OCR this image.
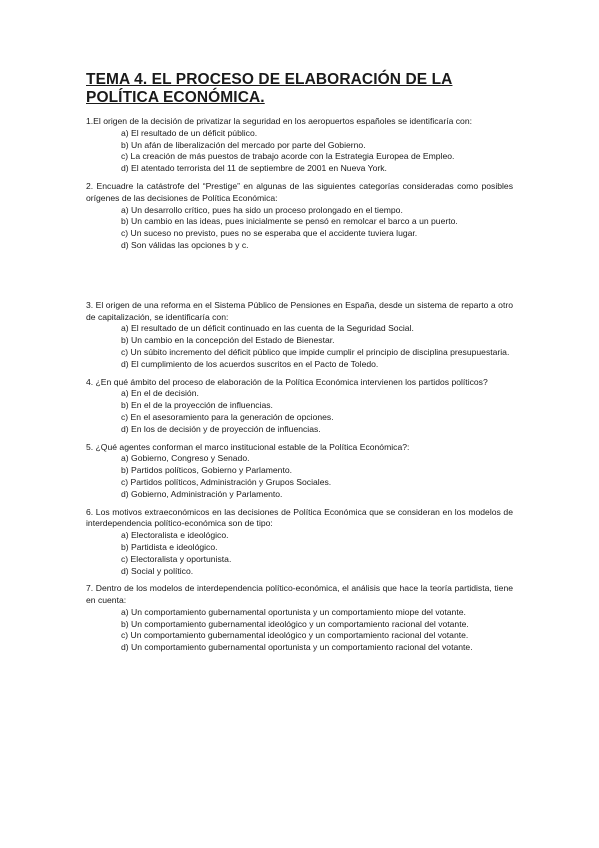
TEMA 4. EL PROCESO DE ELABORACIÓN DE LA POLÍTICA ECONÓMICA.

1.El origen de la decisión de privatizar la seguridad en los aeropuertos españoles se identificaría con:

a) El resultado de un déficit público.

b) Un afán de liberalización del mercado por parte del Gobierno.

c) La creación de más puestos de trabajo acorde con la Estrategia Europea de Empleo.

d) El atentado terrorista del 11 de septiembre de 2001 en Nueva York.

2. Encuadre la catástrofe del “Prestige” en algunas de las siguientes categorías consideradas como posibles orígenes de las decisiones de Política Económica:

a) Un desarrollo crítico, pues ha sido un proceso prolongado en el tiempo.

b) Un cambio en las ideas, pues inicialmente se pensó en remolcar el barco a un puerto.

c) Un suceso no previsto, pues no se esperaba que el accidente tuviera lugar.

d) Son válidas las opciones b y c.

3. El origen de una reforma en el Sistema Público de Pensiones en España, desde un sistema de reparto a otro de capitalización, se identificaría con:

a) El resultado de un déficit continuado en las cuenta de la Seguridad Social.

b) Un cambio en la concepción del Estado de Bienestar.

c) Un súbito incremento del déficit público que impide cumplir el principio de disciplina presupuestaria.

d) El cumplimiento de los acuerdos suscritos en el Pacto de Toledo.

4. ¿En qué ámbito del proceso de elaboración de la Política Económica intervienen los partidos políticos?

a) En el de decisión.

b) En el de la proyección de influencias.

c) En el asesoramiento para la generación de opciones.

d) En los de decisión y de proyección de influencias.

5. ¿Qué agentes conforman el marco institucional estable de la Política Económica?:

a) Gobierno, Congreso y Senado.

b) Partidos políticos, Gobierno y Parlamento.

c) Partidos políticos, Administración y Grupos Sociales.

d) Gobierno, Administración y Parlamento.

6. Los motivos extraeconómicos en las decisiones de Política Económica que se consideran en los modelos de interdependencia político-económica son de tipo:

a) Electoralista e ideológico.

b) Partidista e ideológico.

c) Electoralista y oportunista.

d) Social y político.

7. Dentro de los modelos de interdependencia político-económica, el análisis que hace la teoría partidista, tiene en cuenta:

a) Un comportamiento gubernamental oportunista y un comportamiento miope del votante.

b) Un comportamiento gubernamental ideológico y un comportamiento racional del votante.

c) Un comportamiento gubernamental ideológico y un comportamiento racional del votante.

d) Un comportamiento gubernamental oportunista y un comportamiento racional del votante.
